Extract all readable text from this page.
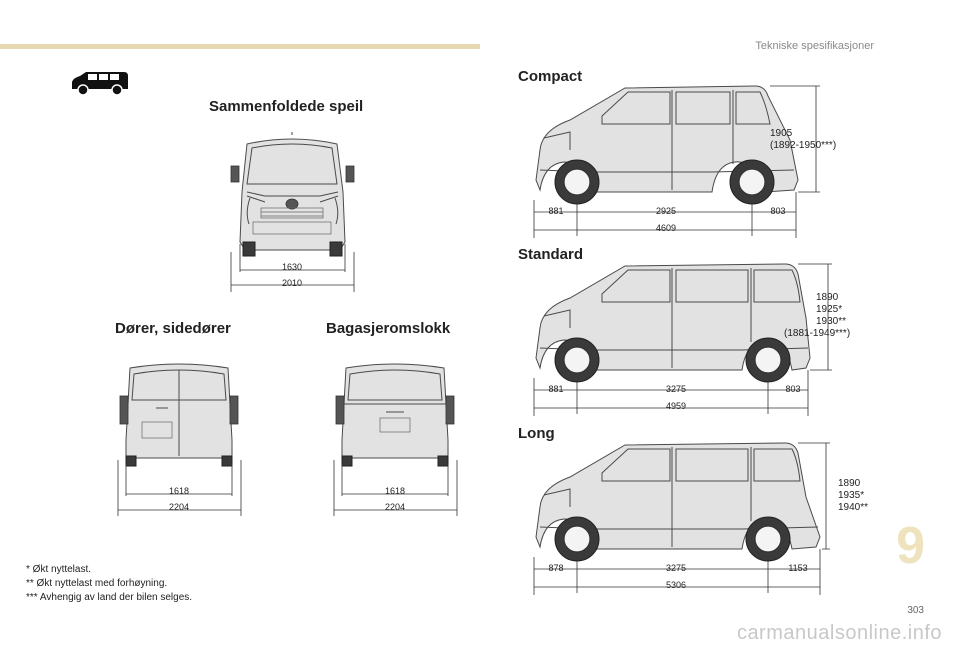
Tekniske spesifikasjoner
Sammenfoldede speil
Dører, sidedører	Bagasjeromslokk
Compact
Standard
Long
1630
2010
1618
2204
1618
2204
881	2925	803
4609
1905
(1892-1950***)
881	3275	803
4959
1890
1925*
1930**
(1881-1949***)
878	3275	1153
5306
1890
1935*
1940**
* Økt nyttelast.
** Økt nyttelast med forhøyning.
*** Avhengig av land der bilen selges.
9
303
carmanualsonline.info
